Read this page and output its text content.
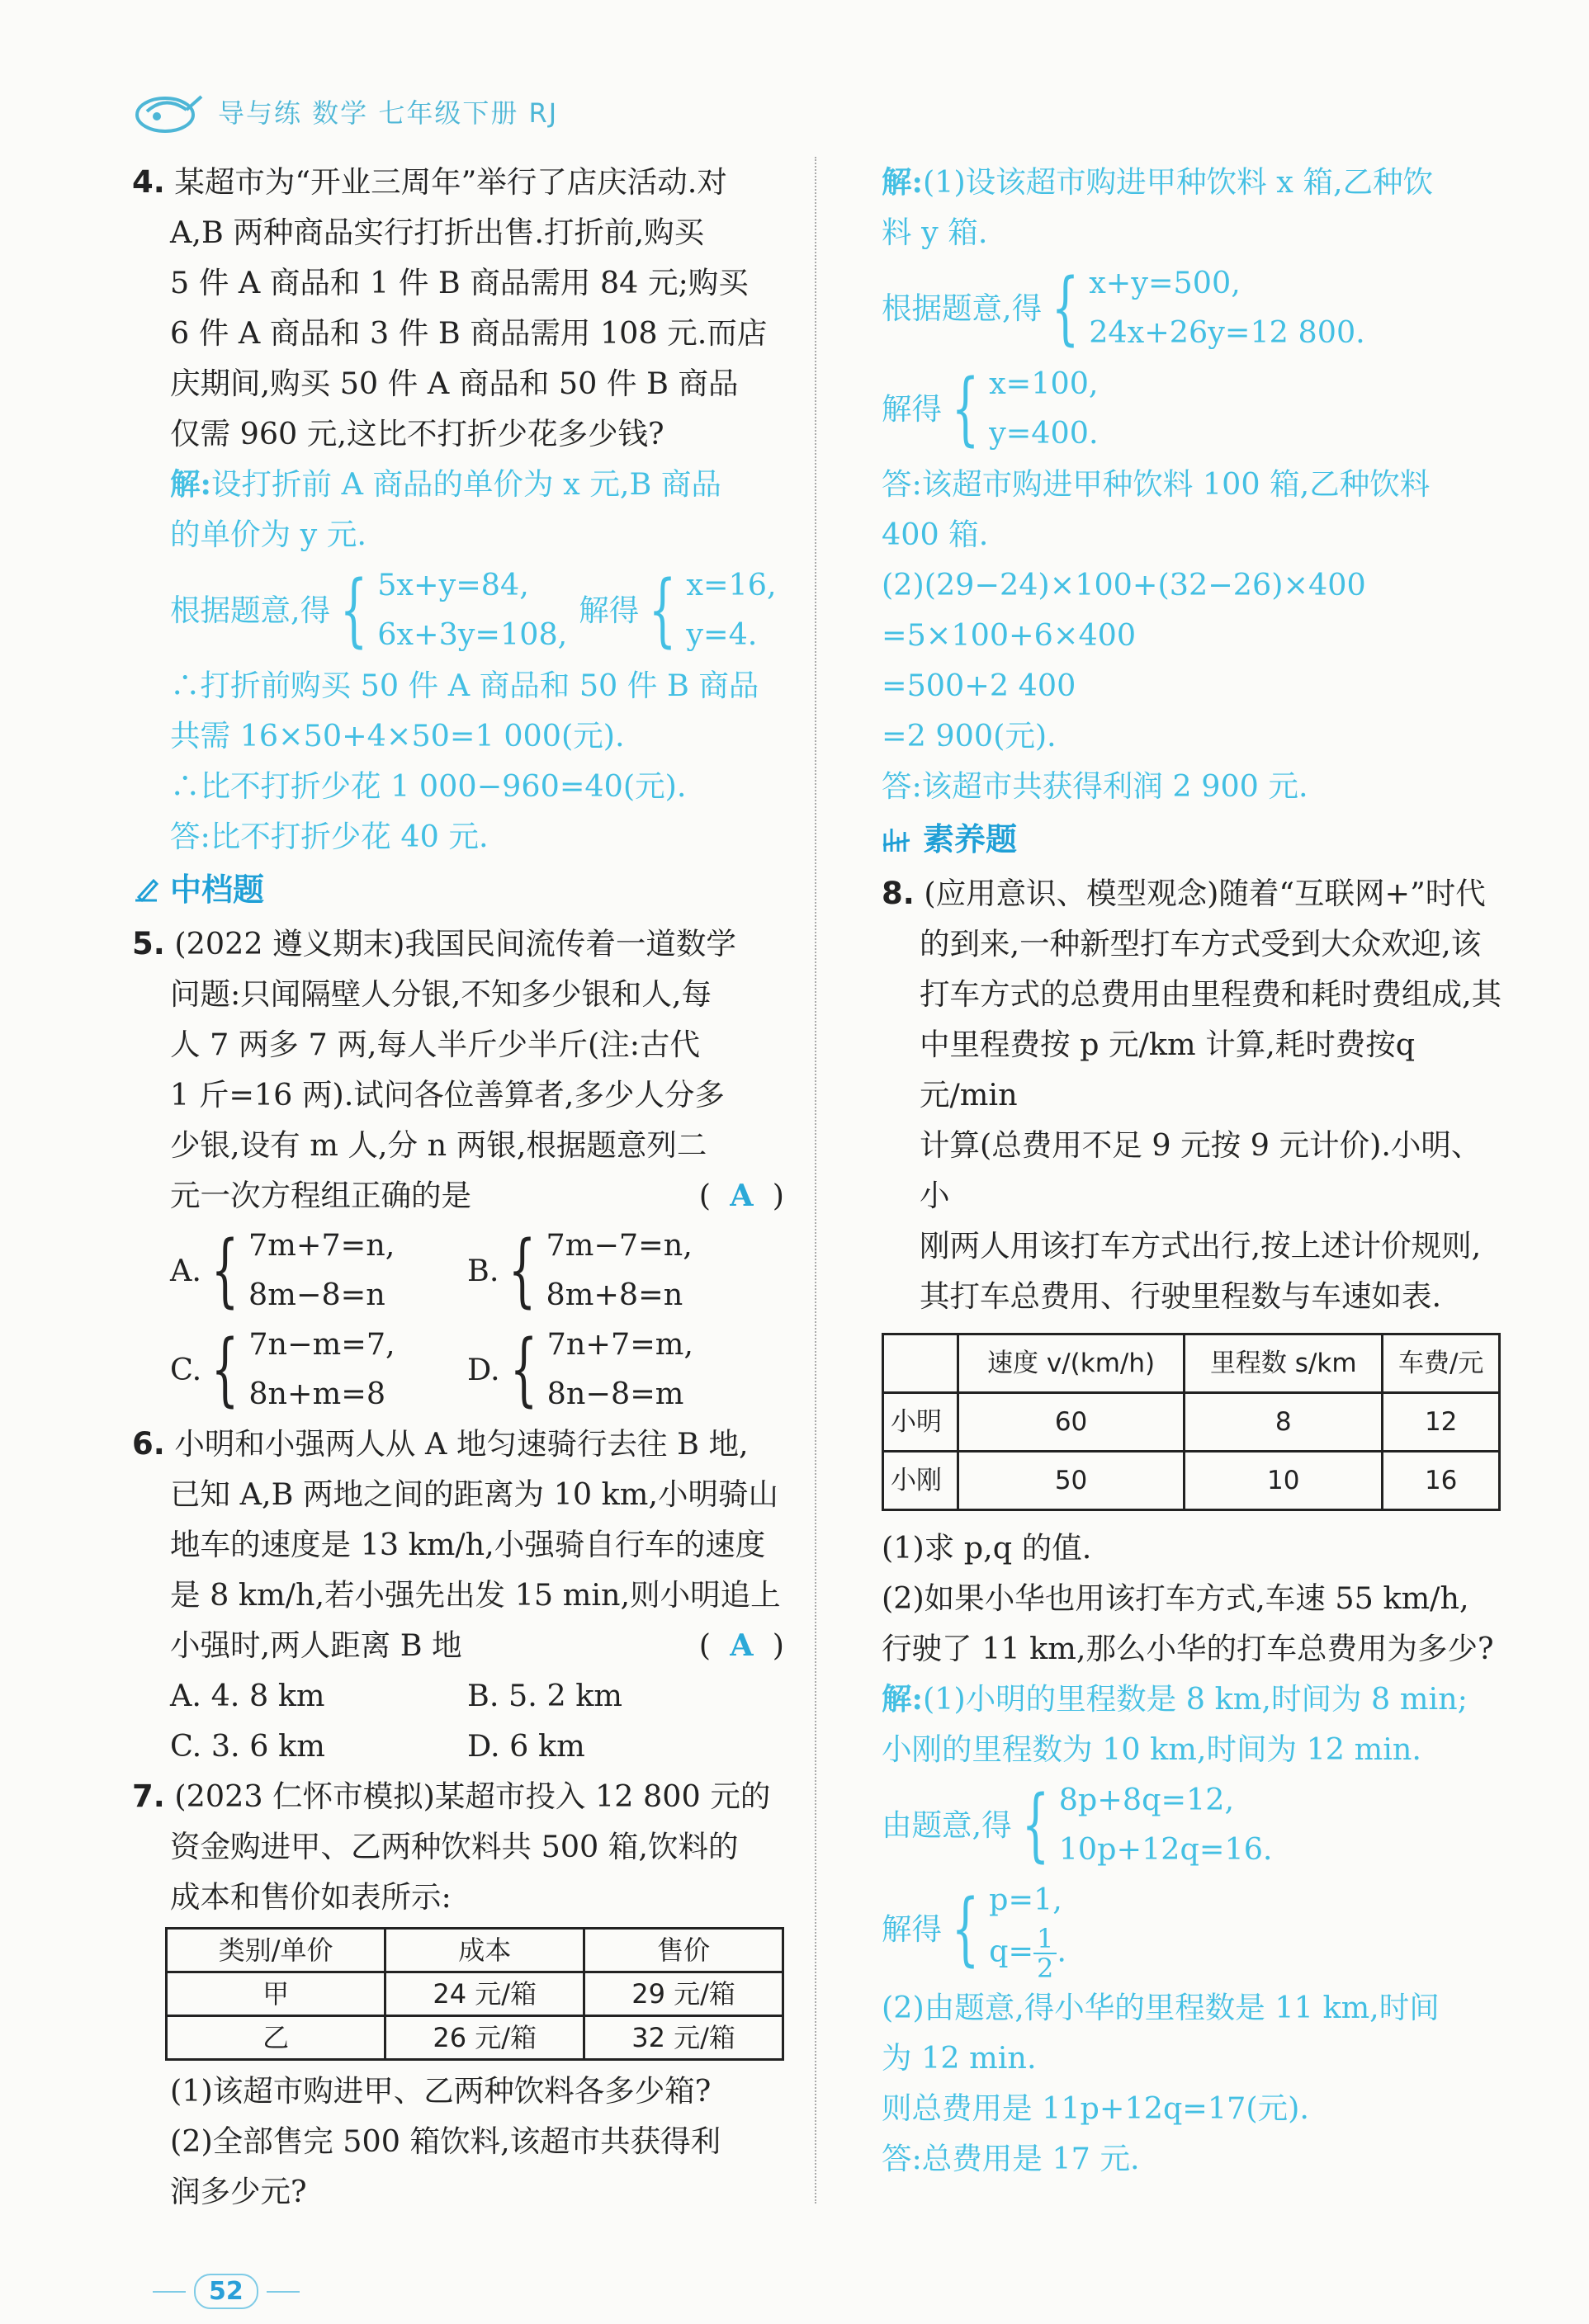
导与练 数学 七年级下册 RJ
4. 某超市为“开业三周年”举行了店庆活动.对
A,B 两种商品实行打折出售.打折前,购买
5 件 A 商品和 1 件 B 商品需用 84 元;购买
6 件 A 商品和 3 件 B 商品需用 108 元.而店
庆期间,购买 50 件 A 商品和 50 件 B 商品
仅需 960 元,这比不打折少花多少钱?
解:设打折前 A 商品的单价为 x 元,B 商品
的单价为 y 元.
根据题意,得 { 5x+y=84,
6x+3y=108,
解得 { x=16,
y=4.
∴打折前购买 50 件 A 商品和 50 件 B 商品
共需 16×50+4×50=1 000(元).
∴比不打折少花 1 000−960=40(元).
答:比不打折少花 40 元.
中档题
5. (2022 遵义期末)我国民间流传着一道数学
问题:只闻隔壁人分银,不知多少银和人,每
人 7 两多 7 两,每人半斤少半斤(注:古代
1 斤=16 两).试问各位善算者,多少人分多
少银,设有 m 人,分 n 两银,根据题意列二
元一次方程组正确的是	(  A  )
A. { 7m+7=n,
8m−8=n
B. { 7m−7=n,
8m+8=n
C. { 7n−m=7,
8n+m=8
D. { 7n+7=m,
8n−8=m
6. 小明和小强两人从 A 地匀速骑行去往 B 地,
已知 A,B 两地之间的距离为 10 km,小明骑山
地车的速度是 13 km/h,小强骑自行车的速度
是 8 km/h,若小强先出发 15 min,则小明追上
小强时,两人距离 B 地	(  A  )
A. 4. 8 km	B. 5. 2 km
C. 3. 6 km	D. 6 km
7. (2023 仁怀市模拟)某超市投入 12 800 元的
资金购进甲、乙两种饮料共 500 箱,饮料的
成本和售价如表所示:
类别/单价	成本	售价
甲	24 元/箱	29 元/箱
乙	26 元/箱	32 元/箱
(1)该超市购进甲、乙两种饮料各多少箱?
(2)全部售完 500 箱饮料,该超市共获得利
润多少元?
解:(1)设该超市购进甲种饮料 x 箱,乙种饮
料 y 箱.
根据题意,得 { x+y=500,
24x+26y=12 800.
解得 { x=100,
y=400.
答:该超市购进甲种饮料 100 箱,乙种饮料
400 箱.
(2)(29−24)×100+(32−26)×400
=5×100+6×400
=500+2 400
=2 900(元).
答:该超市共获得利润 2 900 元.
素养题
8. (应用意识、模型观念)随着“互联网+”时代
的到来,一种新型打车方式受到大众欢迎,该
打车方式的总费用由里程费和耗时费组成,其
中里程费按 p 元/km 计算,耗时费按q 元/min
计算(总费用不足 9 元按 9 元计价).小明、小
刚两人用该打车方式出行,按上述计价规则,
其打车总费用、行驶里程数与车速如表.
	速度 v/(km/h)	里程数 s/km	车费/元
小明	60	8	12
小刚	50	10	16
(1)求 p,q 的值.
(2)如果小华也用该打车方式,车速 55 km/h,
行驶了 11 km,那么小华的打车总费用为多少?
解:(1)小明的里程数是 8 km,时间为 8 min;
小刚的里程数为 10 km,时间为 12 min.
由题意,得 { 8p+8q=12,
10p+12q=16.
解得 { p=1,
$q= \frac{1}{2}$ .
(2)由题意,得小华的里程数是 11 km,时间
为 12 min.
则总费用是 11p+12q=17(元).
答:总费用是 17 元.
52
